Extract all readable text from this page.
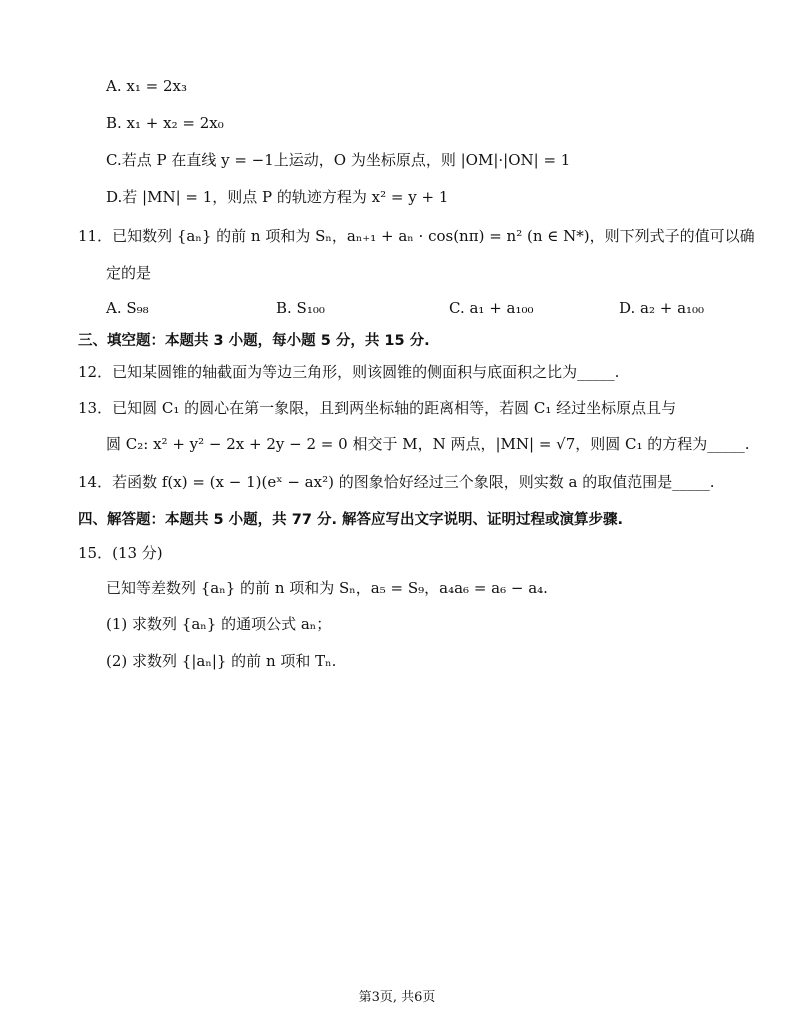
A. x₁ = 2x₃
B. x₁ + x₂ = 2x₀
C.若点 P 在直线 y = −1上运动，O 为坐标原点，则 |OM|·|ON| = 1
D.若 |MN| = 1，则点 P 的轨迹方程为 x² = y + 1
11．已知数列 {aₙ} 的前 n 项和为 Sₙ，aₙ₊₁ + aₙ · cos(nπ) = n² (n ∈ N*)，则下列式子的值可以确
定的是
A. S₉₈	B. S₁₀₀	C. a₁ + a₁₀₀	D. a₂ + a₁₀₀
三、填空题：本题共 3 小题，每小题 5 分，共 15 分.
12．已知某圆锥的轴截面为等边三角形，则该圆锥的侧面积与底面积之比为_____.
13．已知圆 C₁ 的圆心在第一象限，且到两坐标轴的距离相等，若圆 C₁ 经过坐标原点且与
圆 C₂: x² + y² − 2x + 2y − 2 = 0 相交于 M，N 两点，|MN| = √7，则圆 C₁ 的方程为_____.
14．若函数 f(x) = (x − 1)(eˣ − ax²) 的图象恰好经过三个象限，则实数 a 的取值范围是_____.
四、解答题：本题共 5 小题，共 77 分. 解答应写出文字说明、证明过程或演算步骤.
15．(13 分)
已知等差数列 {aₙ} 的前 n 项和为 Sₙ，a₅ = S₉，a₄a₆ = a₆ − a₄.
(1) 求数列 {aₙ} 的通项公式 aₙ；
(2) 求数列 {|aₙ|} 的前 n 项和 Tₙ.
第3页, 共6页
